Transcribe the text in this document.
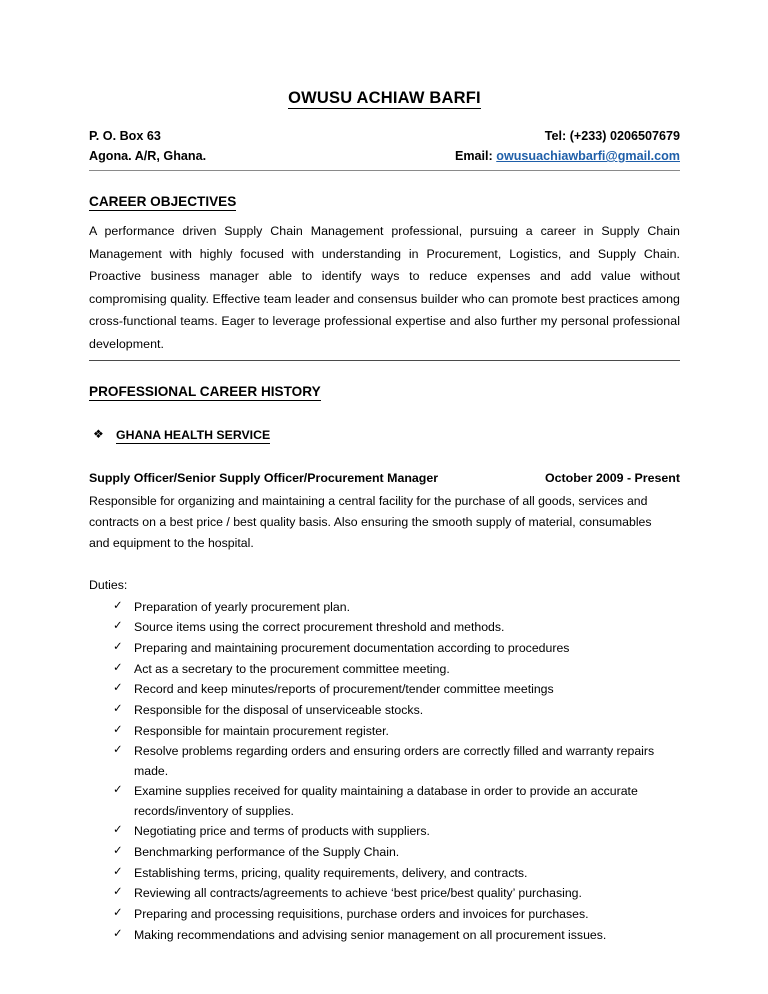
OWUSU ACHIAW BARFI
P. O. Box 63	Tel: (+233) 0206507679
Agona. A/R, Ghana.	Email: owusuachiawbarfi@gmail.com
CAREER OBJECTIVES

A performance driven Supply Chain Management professional, pursuing a career in Supply Chain Management with highly focused with understanding in Procurement, Logistics, and Supply Chain. Proactive business manager able to identify ways to reduce expenses and add value without compromising quality. Effective team leader and consensus builder who can promote best practices among cross-functional teams. Eager to leverage professional expertise and also further my personal professional development.

PROFESSIONAL CAREER HISTORY
❖ GHANA HEALTH SERVICE
Supply Officer/Senior Supply Officer/Procurement Manager	October 2009 - Present

Responsible for organizing and maintaining a central facility for the purchase of all goods, services and contracts on a best price / best quality basis. Also ensuring the smooth supply of material, consumables and equipment to the hospital.

Duties:

✓ Preparation of yearly procurement plan.
✓ Source items using the correct procurement threshold and methods.
✓ Preparing and maintaining procurement documentation according to procedures
✓ Act as a secretary to the procurement committee meeting.
✓ Record and keep minutes/reports of procurement/tender committee meetings
✓ Responsible for the disposal of unserviceable stocks.
✓ Responsible for maintain procurement register.
✓ Resolve problems regarding orders and ensuring orders are correctly filled and warranty repairs made.
✓ Examine supplies received for quality maintaining a database in order to provide an accurate records/inventory of supplies.
✓ Negotiating price and terms of products with suppliers.
✓ Benchmarking performance of the Supply Chain.
✓ Establishing terms, pricing, quality requirements, delivery, and contracts.
✓ Reviewing all contracts/agreements to achieve ‘best price/best quality’ purchasing.
✓ Preparing and processing requisitions, purchase orders and invoices for purchases.
✓ Making recommendations and advising senior management on all procurement issues.
